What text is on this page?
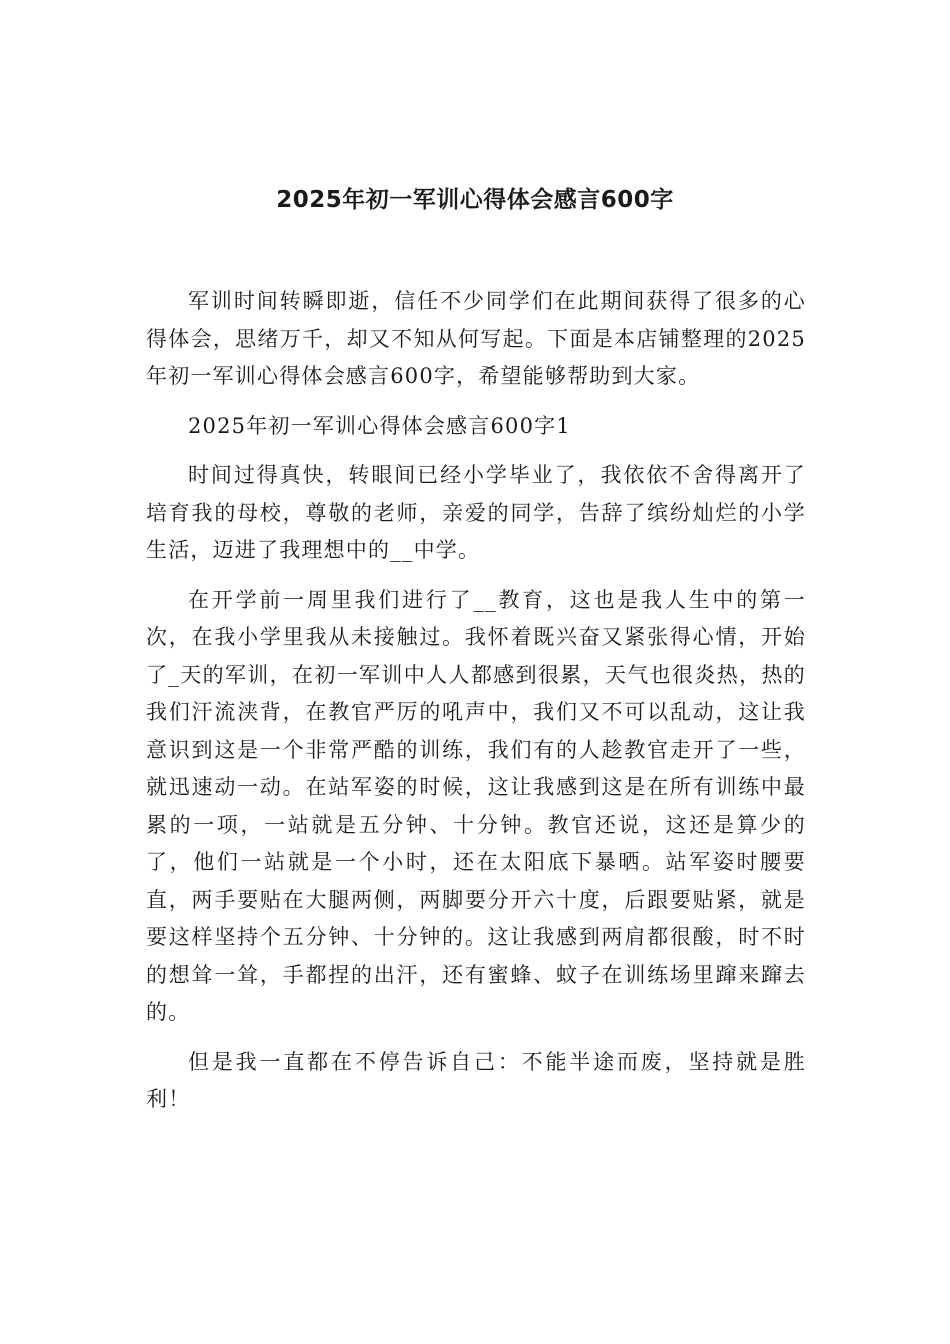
2025年初一军训心得体会感言600字

军训时间转瞬即逝，信任不少同学们在此期间获得了很多的心得体会，思绪万千，却又不知从何写起。下面是本店铺整理的2025年初一军训心得体会感言600字，希望能够帮助到大家。

2025年初一军训心得体会感言600字1

时间过得真快，转眼间已经小学毕业了，我依依不舍得离开了培育我的母校，尊敬的老师，亲爱的同学，告辞了缤纷灿烂的小学生活，迈进了我理想中的__中学。

在开学前一周里我们进行了__教育，这也是我人生中的第一次，在我小学里我从未接触过。我怀着既兴奋又紧张得心情，开始了_天的军训，在初一军训中人人都感到很累，天气也很炎热，热的我们汗流浃背，在教官严厉的吼声中，我们又不可以乱动，这让我意识到这是一个非常严酷的训练，我们有的人趁教官走开了一些，就迅速动一动。在站军姿的时候，这让我感到这是在所有训练中最累的一项，一站就是五分钟、十分钟。教官还说，这还是算少的了，他们一站就是一个小时，还在太阳底下暴晒。站军姿时腰要直，两手要贴在大腿两侧，两脚要分开六十度，后跟要贴紧，就是要这样坚持个五分钟、十分钟的。这让我感到两肩都很酸，时不时的想耸一耸，手都捏的出汗，还有蜜蜂、蚊子在训练场里蹿来蹿去的。

但是我一直都在不停告诉自己：不能半途而废，坚持就是胜利！
